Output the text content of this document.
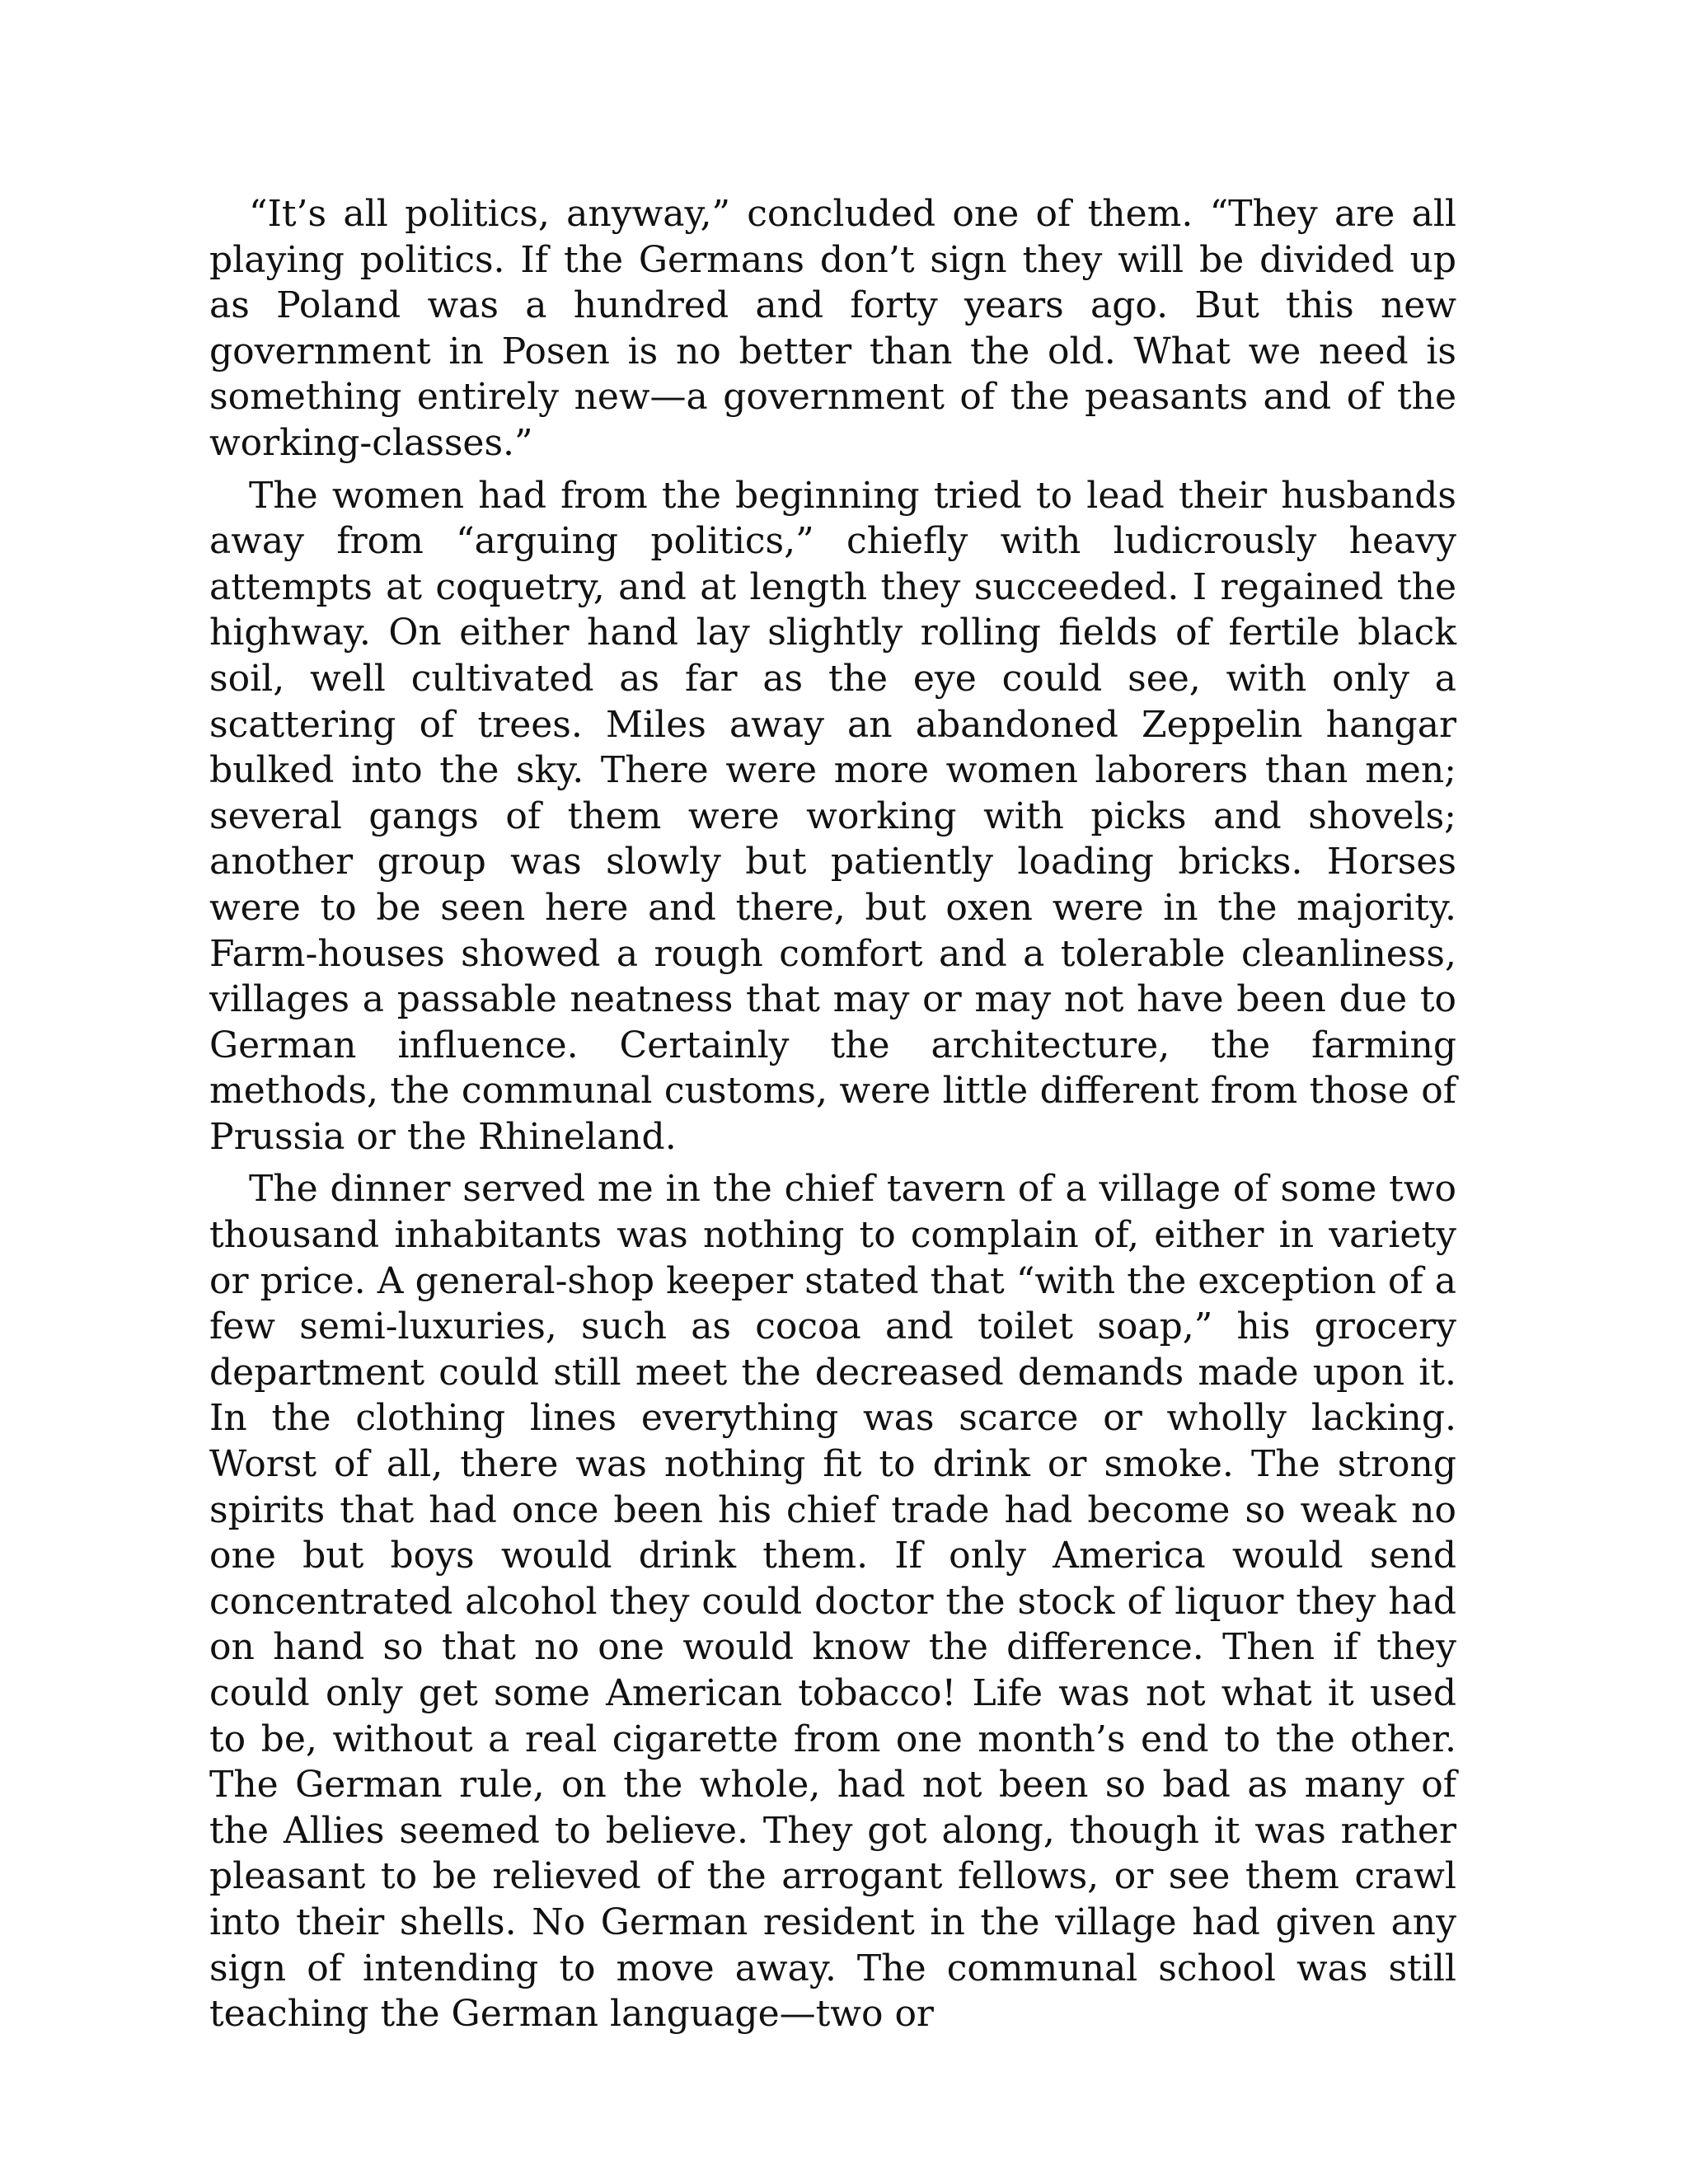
“It’s all politics, anyway,” concluded one of them. “They are all playing politics. If the Germans don’t sign they will be divided up as Poland was a hundred and forty years ago. But this new government in Posen is no better than the old. What we need is something entirely new—a government of the peasants and of the working-classes.”

The women had from the beginning tried to lead their husbands away from “arguing politics,” chiefly with ludicrously heavy attempts at coquetry, and at length they succeeded. I regained the highway. On either hand lay slightly rolling fields of fertile black soil, well cultivated as far as the eye could see, with only a scattering of trees. Miles away an abandoned Zeppelin hangar bulked into the sky. There were more women laborers than men; several gangs of them were working with picks and shovels; another group was slowly but patiently loading bricks. Horses were to be seen here and there, but oxen were in the majority. Farm-houses showed a rough comfort and a tolerable cleanliness, villages a passable neatness that may or may not have been due to German influence. Certainly the architecture, the farming methods, the communal customs, were little different from those of Prussia or the Rhineland.

The dinner served me in the chief tavern of a village of some two thousand inhabitants was nothing to complain of, either in variety or price. A general-shop keeper stated that “with the exception of a few semi-luxuries, such as cocoa and toilet soap,” his grocery department could still meet the decreased demands made upon it. In the clothing lines everything was scarce or wholly lacking. Worst of all, there was nothing fit to drink or smoke. The strong spirits that had once been his chief trade had become so weak no one but boys would drink them. If only America would send concentrated alcohol they could doctor the stock of liquor they had on hand so that no one would know the difference. Then if they could only get some American tobacco! Life was not what it used to be, without a real cigarette from one month’s end to the other. The German rule, on the whole, had not been so bad as many of the Allies seemed to believe. They got along, though it was rather pleasant to be relieved of the arrogant fellows, or see them crawl into their shells. No German resident in the village had given any sign of intending to move away. The communal school was still teaching the German language—two or
